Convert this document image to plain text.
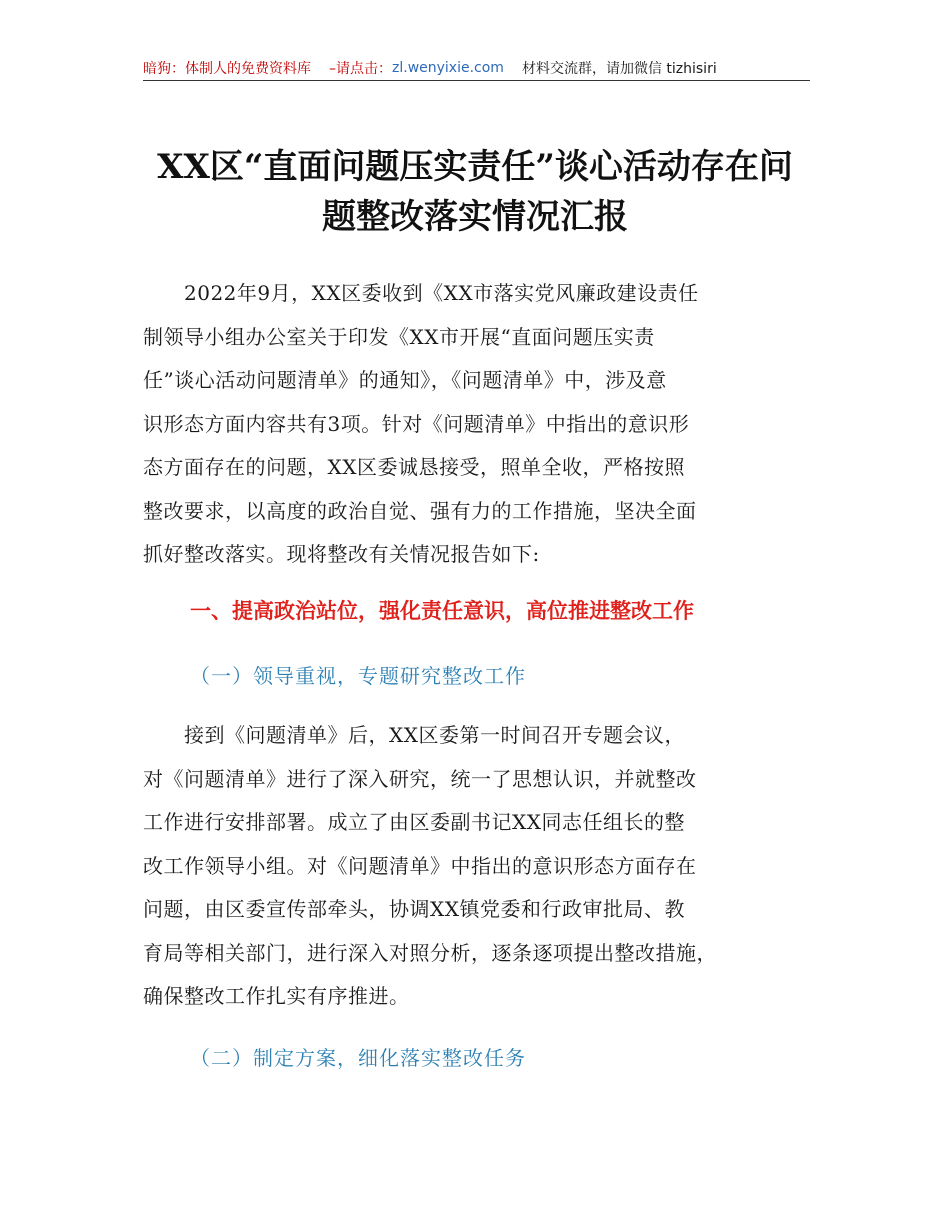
暗狗：体制人的免费资料库 –请点击： zl.wenyixie.com 材料交流群，请加微信 tizhisiri
XX区“直面问题压实责任”谈心活动存在问
题整改落实情况汇报
　　2022年9月，XX区委收到《XX市落实党风廉政建设责任
制领导小组办公室关于印发《XX市开展“直面问题压实责
任”谈心活动问题清单》的通知》，《问题清单》中，涉及意
识形态方面内容共有3项。针对《问题清单》中指出的意识形
态方面存在的问题，XX区委诚恳接受，照单全收，严格按照
整改要求，以高度的政治自觉、强有力的工作措施，坚决全面
抓好整改落实。现将整改有关情况报告如下:
一、提高政治站位，强化责任意识，高位推进整改工作
（一）领导重视，专题研究整改工作
　　接到《问题清单》后，XX区委第一时间召开专题会议，
对《问题清单》进行了深入研究，统一了思想认识，并就整改
工作进行安排部署。成立了由区委副书记XX同志任组长的整
改工作领导小组。对《问题清单》中指出的意识形态方面存在
问题，由区委宣传部牵头，协调XX镇党委和行政审批局、教
育局等相关部门，进行深入对照分析，逐条逐项提出整改措施，
确保整改工作扎实有序推进。
（二）制定方案，细化落实整改任务
